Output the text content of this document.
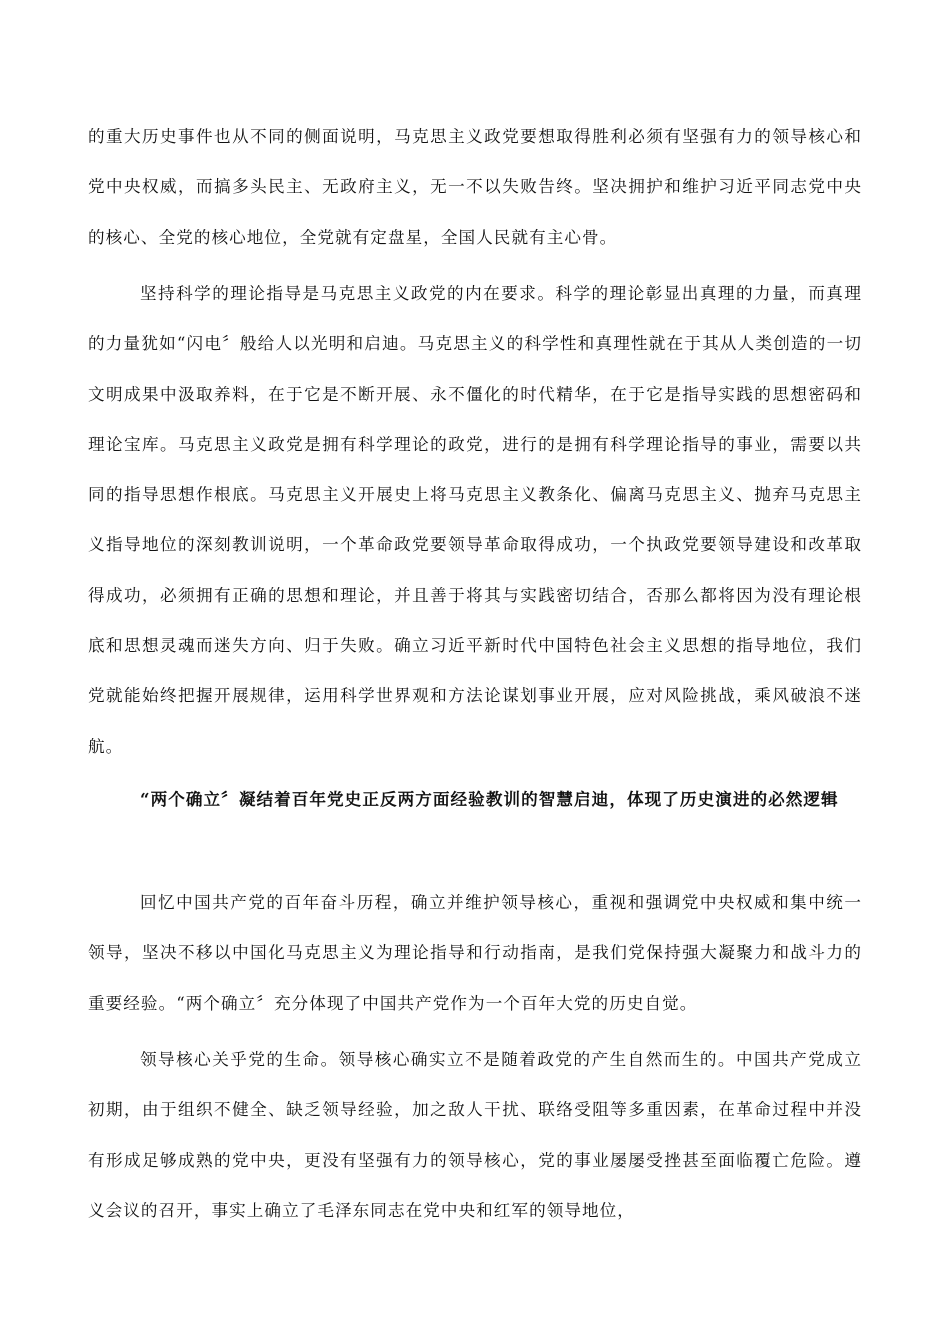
的重大历史事件也从不同的侧面说明，马克思主义政党要想取得胜利必须有坚强有力的领导核心和党中央权威，而搞多头民主、无政府主义，无一不以失败告终。坚决拥护和维护习近平同志党中央的核心、全党的核心地位，全党就有定盘星，全国人民就有主心骨。

坚持科学的理论指导是马克思主义政党的内在要求。科学的理论彰显出真理的力量，而真理的力量犹如“闪电〞般给人以光明和启迪。马克思主义的科学性和真理性就在于其从人类创造的一切文明成果中汲取养料，在于它是不断开展、永不僵化的时代精华，在于它是指导实践的思想密码和理论宝库。马克思主义政党是拥有科学理论的政党，进行的是拥有科学理论指导的事业，需要以共同的指导思想作根底。马克思主义开展史上将马克思主义教条化、偏离马克思主义、抛弃马克思主义指导地位的深刻教训说明，一个革命政党要领导革命取得成功，一个执政党要领导建设和改革取得成功，必须拥有正确的思想和理论，并且善于将其与实践密切结合，否那么都将因为没有理论根底和思想灵魂而迷失方向、归于失败。确立习近平新时代中国特色社会主义思想的指导地位，我们党就能始终把握开展规律，运用科学世界观和方法论谋划事业开展，应对风险挑战，乘风破浪不迷航。

“两个确立〞凝结着百年党史正反两方面经验教训的智慧启迪，体现了历史演进的必然逻辑

回忆中国共产党的百年奋斗历程，确立并维护领导核心，重视和强调党中央权威和集中统一领导，坚决不移以中国化马克思主义为理论指导和行动指南，是我们党保持强大凝聚力和战斗力的重要经验。“两个确立〞充分体现了中国共产党作为一个百年大党的历史自觉。

领导核心关乎党的生命。领导核心确实立不是随着政党的产生自然而生的。中国共产党成立初期，由于组织不健全、缺乏领导经验，加之敌人干扰、联络受阻等多重因素，在革命过程中并没有形成足够成熟的党中央，更没有坚强有力的领导核心，党的事业屡屡受挫甚至面临覆亡危险。遵义会议的召开，事实上确立了毛泽东同志在党中央和红军的领导地位，
